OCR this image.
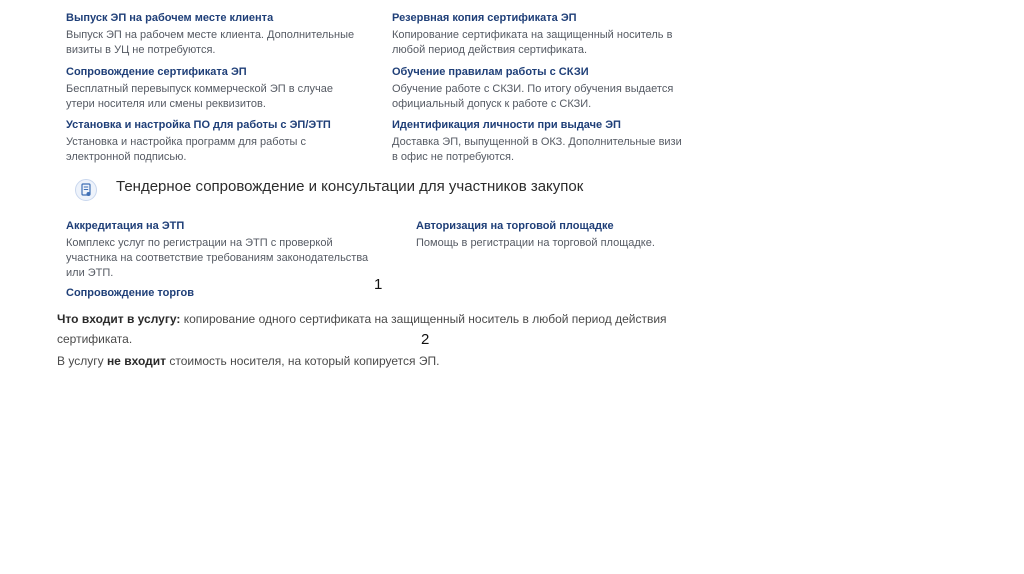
Выпуск ЭП на рабочем месте клиента
Выпуск ЭП на рабочем месте клиента. Дополнительные
визиты в УЦ не потребуются.
Резервная копия сертификата ЭП
Копирование сертификата на защищенный носитель в
любой период действия сертификата.
Сопровождение сертификата ЭП
Бесплатный перевыпуск коммерческой ЭП в случае
утери носителя или смены реквизитов.
Обучение правилам работы с СКЗИ
Обучение работе с СКЗИ. По итогу обучения выдается
официальный допуск к работе с СКЗИ.
Установка и настройка ПО для работы с ЭП/ЭТП
Установка и настройка программ для работы с
электронной подписью.
Идентификация личности при выдаче ЭП
Доставка ЭП, выпущенной в ОКЗ. Дополнительные визи
в офис не потребуются.
Тендерное сопровождение и консультации для участников закупок
Аккредитация на ЭТП
Комплекс услуг по регистрации на ЭТП с проверкой
участника на соответствие требованиям законодательства
или ЭТП.
Авторизация на торговой площадке
Помощь в регистрации на торговой площадке.
Сопровождение торгов	1
2
Что входит в услугу: копирование одного сертификата на защищенный носитель в любой период действия
сертификата.
В услугу не входит стоимость носителя, на который копируется ЭП.
